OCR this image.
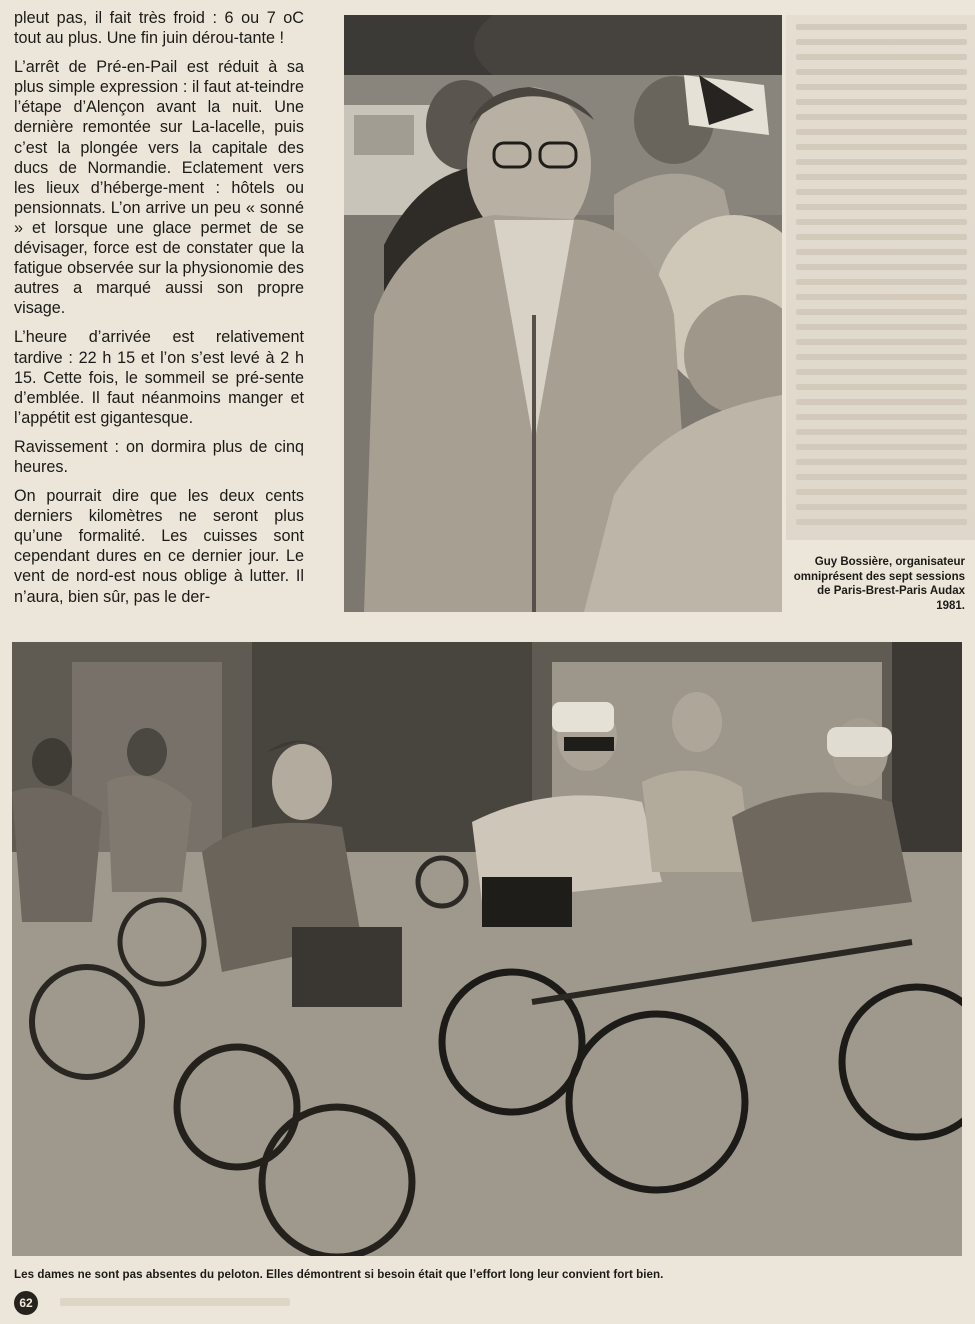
pleut pas, il fait très froid : 6 ou 7 oC tout au plus. Une fin juin dérou-tante !

L’arrêt de Pré-en-Pail est réduit à sa plus simple expression : il faut at-teindre l’étape d’Alençon avant la nuit. Une dernière remontée sur La-lacelle, puis c’est la plongée vers la capitale des ducs de Normandie. Eclatement vers les lieux d’héberge-ment : hôtels ou pensionnats. L’on arrive un peu « sonné » et lorsque une glace permet de se dévisager, force est de constater que la fatigue observée sur la physionomie des autres a marqué aussi son propre visage.

L’heure d’arrivée est relativement tardive : 22 h 15 et l’on s’est levé à 2 h 15. Cette fois, le sommeil se pré-sente d’emblée. Il faut néanmoins manger et l’appétit est gigantesque.

Ravissement : on dormira plus de cinq heures.

On pourrait dire que les deux cents derniers kilomètres ne seront plus qu’une formalité. Les cuisses sont cependant dures en ce dernier jour. Le vent de nord-est nous oblige à lutter. Il n’aura, bien sûr, pas le der-

Guy Bossière, organisateur omniprésent des sept sessions de Paris-Brest-Paris Audax 1981.
Les dames ne sont pas absentes du peloton. Elles démontrent si besoin était que l’effort long leur convient fort bien.
62
